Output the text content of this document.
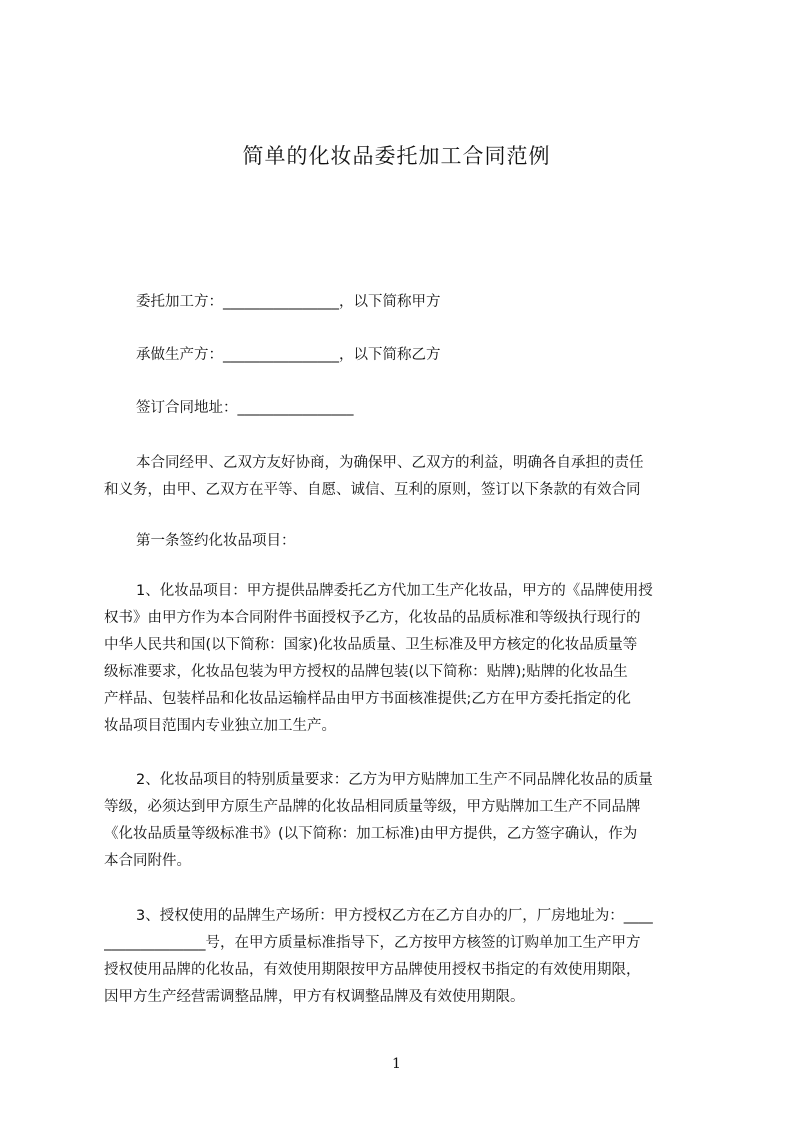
简单的化妆品委托加工合同范例
委托加工方：________________，以下简称甲方
承做生产方：________________，以下简称乙方
签订合同地址：________________
本合同经甲、乙双方友好协商，为确保甲、乙双方的利益，明确各自承担的责任
和义务，由甲、乙双方在平等、自愿、诚信、互利的原则，签订以下条款的有效合同
第一条签约化妆品项目：
1、化妆品项目：甲方提供品牌委托乙方代加工生产化妆品，甲方的《品牌使用授
权书》由甲方作为本合同附件书面授权予乙方，化妆品的品质标准和等级执行现行的
中华人民共和国(以下简称：国家)化妆品质量、卫生标准及甲方核定的化妆品质量等
级标准要求，化妆品包装为甲方授权的品牌包装(以下简称：贴牌);贴牌的化妆品生
产样品、包装样品和化妆品运输样品由甲方书面核准提供;乙方在甲方委托指定的化
妆品项目范围内专业独立加工生产。
2、化妆品项目的特别质量要求：乙方为甲方贴牌加工生产不同品牌化妆品的质量
等级，必须达到甲方原生产品牌的化妆品相同质量等级，甲方贴牌加工生产不同品牌
《化妆品质量等级标准书》(以下简称：加工标准)由甲方提供，乙方签字确认，作为
本合同附件。
3、授权使用的品牌生产场所：甲方授权乙方在乙方自办的厂，厂房地址为：____
______________号，在甲方质量标准指导下，乙方按甲方核签的订购单加工生产甲方
授权使用品牌的化妆品，有效使用期限按甲方品牌使用授权书指定的有效使用期限，
因甲方生产经营需调整品牌，甲方有权调整品牌及有效使用期限。
1
